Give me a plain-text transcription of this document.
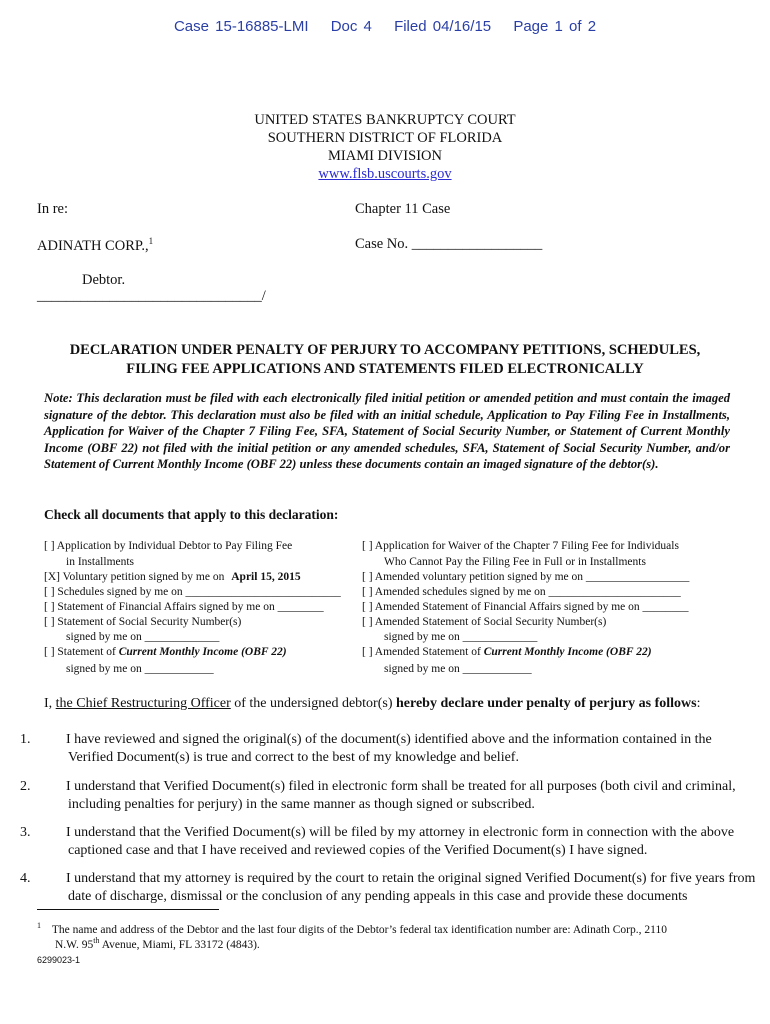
Case 15-16885-LMI Doc 4 Filed 04/16/15 Page 1 of 2
UNITED STATES BANKRUPTCY COURT
SOUTHERN DISTRICT OF FLORIDA
MIAMI DIVISION
www.flsb.uscourts.gov
In re:	Chapter 11 Case
ADINATH CORP.,$^1$	Case No. __________________
Debtor.
_______________________________/
DECLARATION UNDER PENALTY OF PERJURY TO ACCOMPANY PETITIONS, SCHEDULES,
FILING FEE APPLICATIONS AND STATEMENTS FILED ELECTRONICALLY
Note: This declaration must be filed with each electronically filed initial petition or amended petition and must contain the imaged signature of the debtor. This declaration must also be filed with an initial schedule, Application to Pay Filing Fee in Installments, Application for Waiver of the Chapter 7 Filing Fee, SFA, Statement of Social Security Number, or Statement of Current Monthly Income (OBF 22) not filed with the initial petition or any amended schedules, SFA, Statement of Social Security Number, and/or Statement of Current Monthly Income (OBF 22) unless these documents contain an imaged signature of the debtor(s).
Check all documents that apply to this declaration:
[ ] Application by Individual Debtor to Pay Filing Fee
in Installments
[X] Voluntary petition signed by me on April 15, 2015
[ ] Schedules signed by me on ___________________________
[ ] Statement of Financial Affairs signed by me on ________
[ ] Statement of Social Security Number(s)
signed by me on _____________
[ ] Statement of Current Monthly Income (OBF 22)
signed by me on ____________
[ ] Application for Waiver of the Chapter 7 Filing Fee for Individuals
Who Cannot Pay the Filing Fee in Full or in Installments
[ ] Amended voluntary petition signed by me on __________________
[ ] Amended schedules signed by me on _______________________
[ ] Amended Statement of Financial Affairs signed by me on ________
[ ] Amended Statement of Social Security Number(s)
signed by me on _____________
[ ] Amended Statement of Current Monthly Income (OBF 22)
signed by me on ____________
I, the Chief Restructuring Officer of the undersigned debtor(s) hereby declare under penalty of perjury as follows:
1.	I have reviewed and signed the original(s) of the document(s) identified above and the information contained in the Verified Document(s) is true and correct to the best of my knowledge and belief.
2.	I understand that Verified Document(s) filed in electronic form shall be treated for all purposes (both civil and criminal, including penalties for perjury) in the same manner as though signed or subscribed.
3.	I understand that the Verified Document(s) will be filed by my attorney in electronic form in connection with the above captioned case and that I have received and reviewed copies of the Verified Document(s) I have signed.
4.	I understand that my attorney is required by the court to retain the original signed Verified Document(s) for five years from date of discharge, dismissal or the conclusion of any pending appeals in this case and provide these documents
$^1$ The name and address of the Debtor and the last four digits of the Debtor’s federal tax identification number are: Adinath Corp., 2110
N.W. 95th Avenue, Miami, FL 33172 (4843).
6299023-1
